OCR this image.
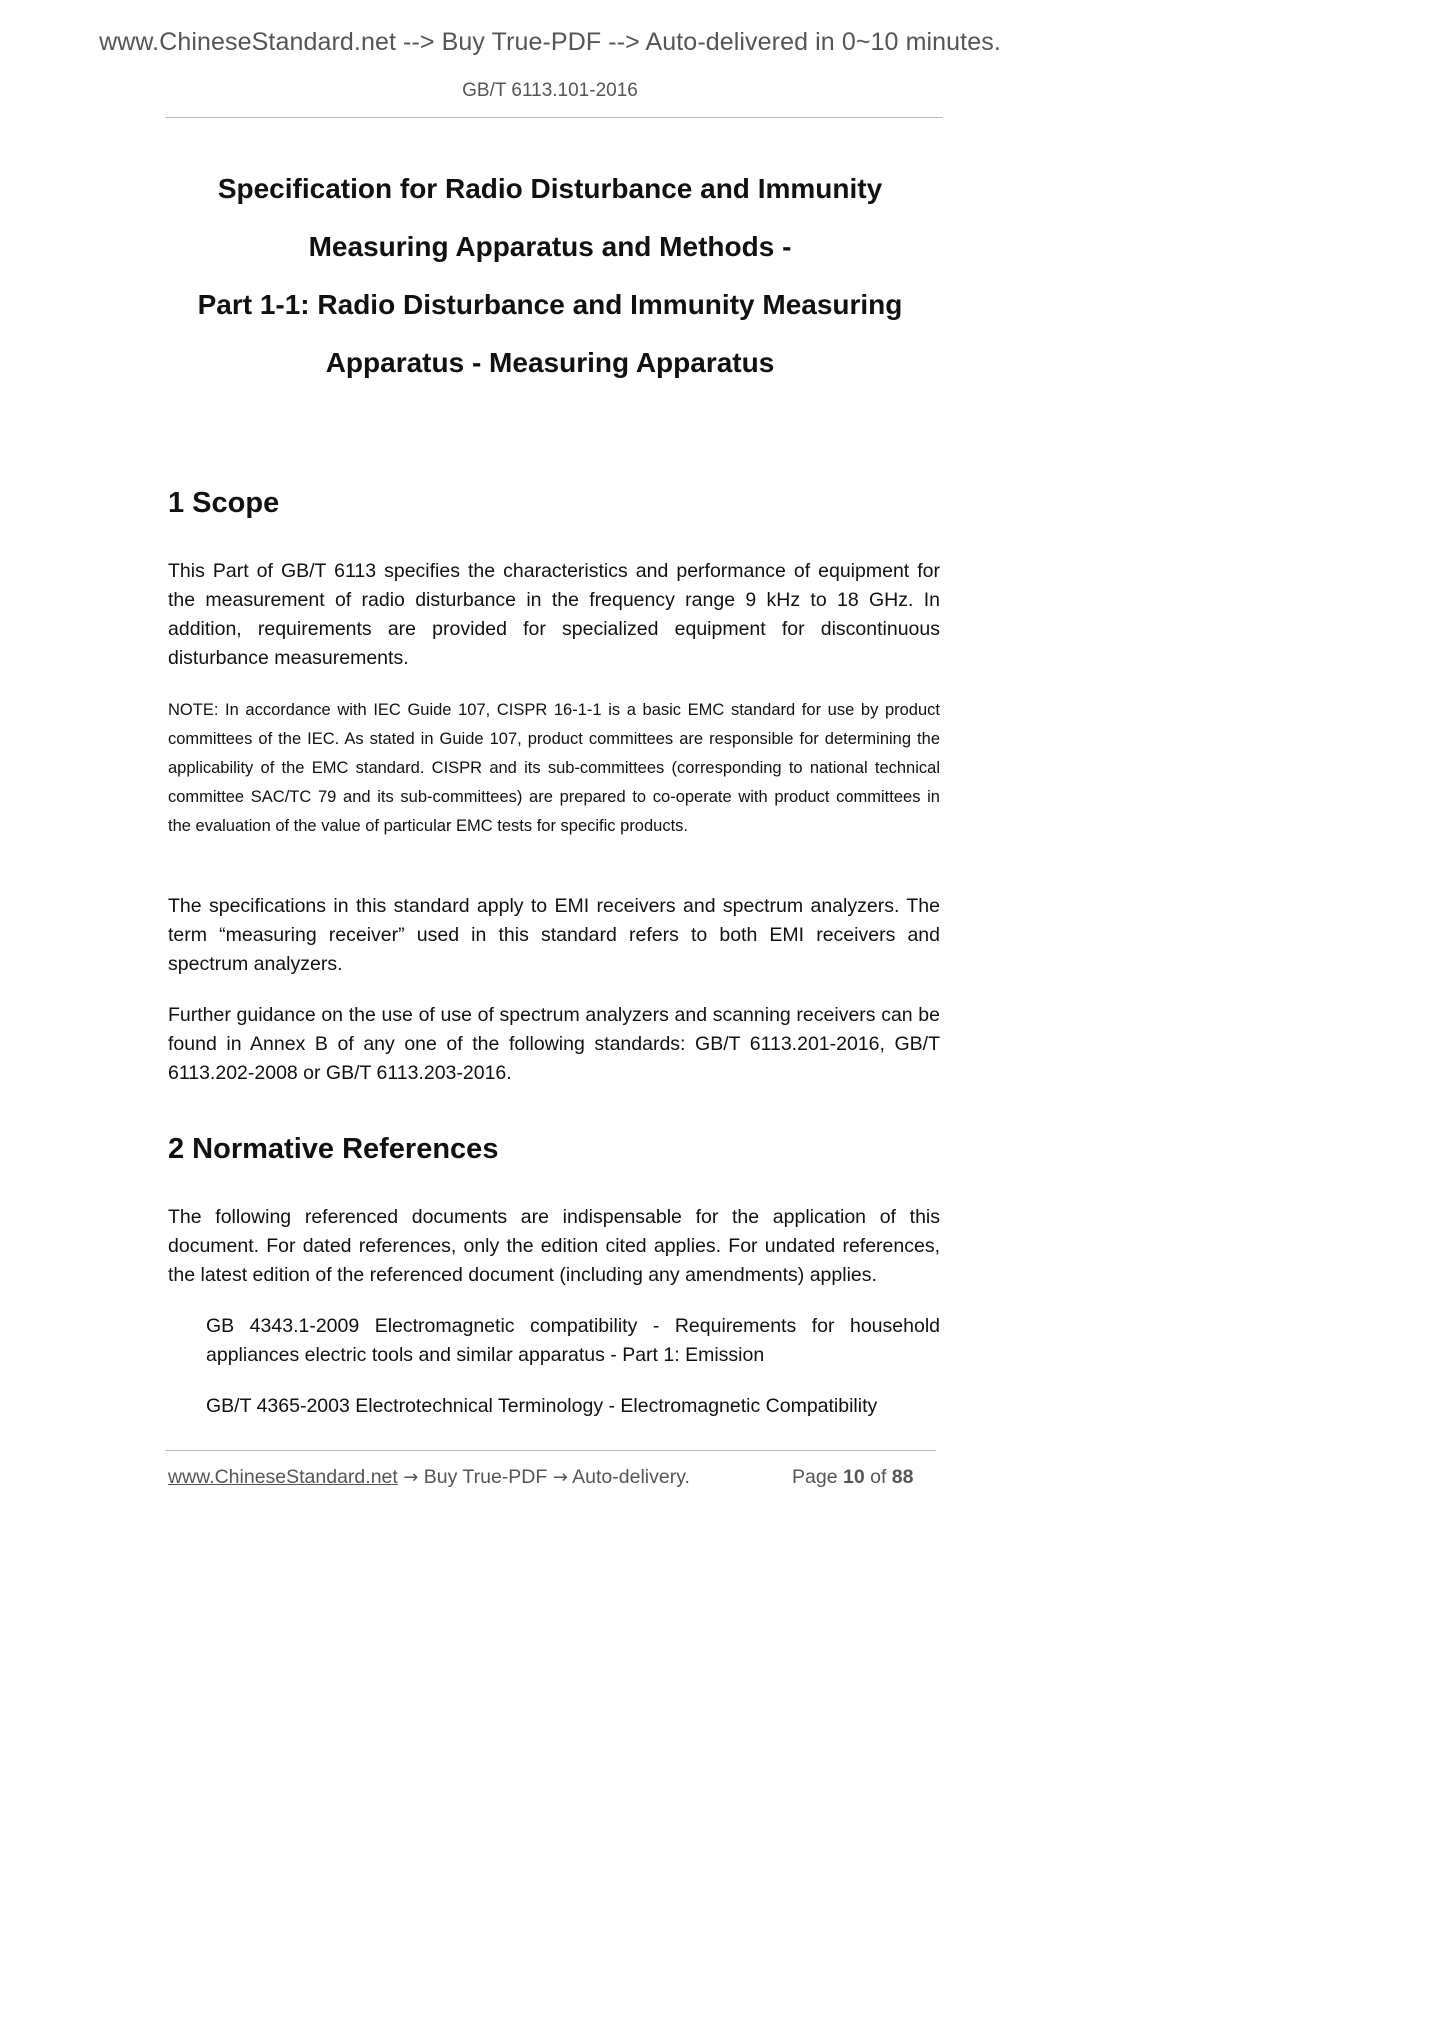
www.ChineseStandard.net --> Buy True-PDF --> Auto-delivered in 0~10 minutes.
GB/T 6113.101-2016
Specification for Radio Disturbance and Immunity
Measuring Apparatus and Methods -
Part 1-1: Radio Disturbance and Immunity Measuring
Apparatus - Measuring Apparatus
1 Scope
This Part of GB/T 6113 specifies the characteristics and performance of equipment for the measurement of radio disturbance in the frequency range 9 kHz to 18 GHz. In addition, requirements are provided for specialized equipment for discontinuous disturbance measurements.
NOTE: In accordance with IEC Guide 107, CISPR 16-1-1 is a basic EMC standard for use by product committees of the IEC. As stated in Guide 107, product committees are responsible for determining the applicability of the EMC standard. CISPR and its sub-committees (corresponding to national technical committee SAC/TC 79 and its sub-committees) are prepared to co-operate with product committees in the evaluation of the value of particular EMC tests for specific products.
The specifications in this standard apply to EMI receivers and spectrum analyzers. The term “measuring receiver” used in this standard refers to both EMI receivers and spectrum analyzers.
Further guidance on the use of use of spectrum analyzers and scanning receivers can be found in Annex B of any one of the following standards: GB/T 6113.201-2016, GB/T 6113.202-2008 or GB/T 6113.203-2016.
2 Normative References
The following referenced documents are indispensable for the application of this document. For dated references, only the edition cited applies. For undated references, the latest edition of the referenced document (including any amendments) applies.
GB 4343.1-2009 Electromagnetic compatibility - Requirements for household appliances electric tools and similar apparatus - Part 1: Emission
GB/T 4365-2003 Electrotechnical Terminology - Electromagnetic Compatibility
www.ChineseStandard.net → Buy True-PDF → Auto-delivery.	Page 10 of 88
